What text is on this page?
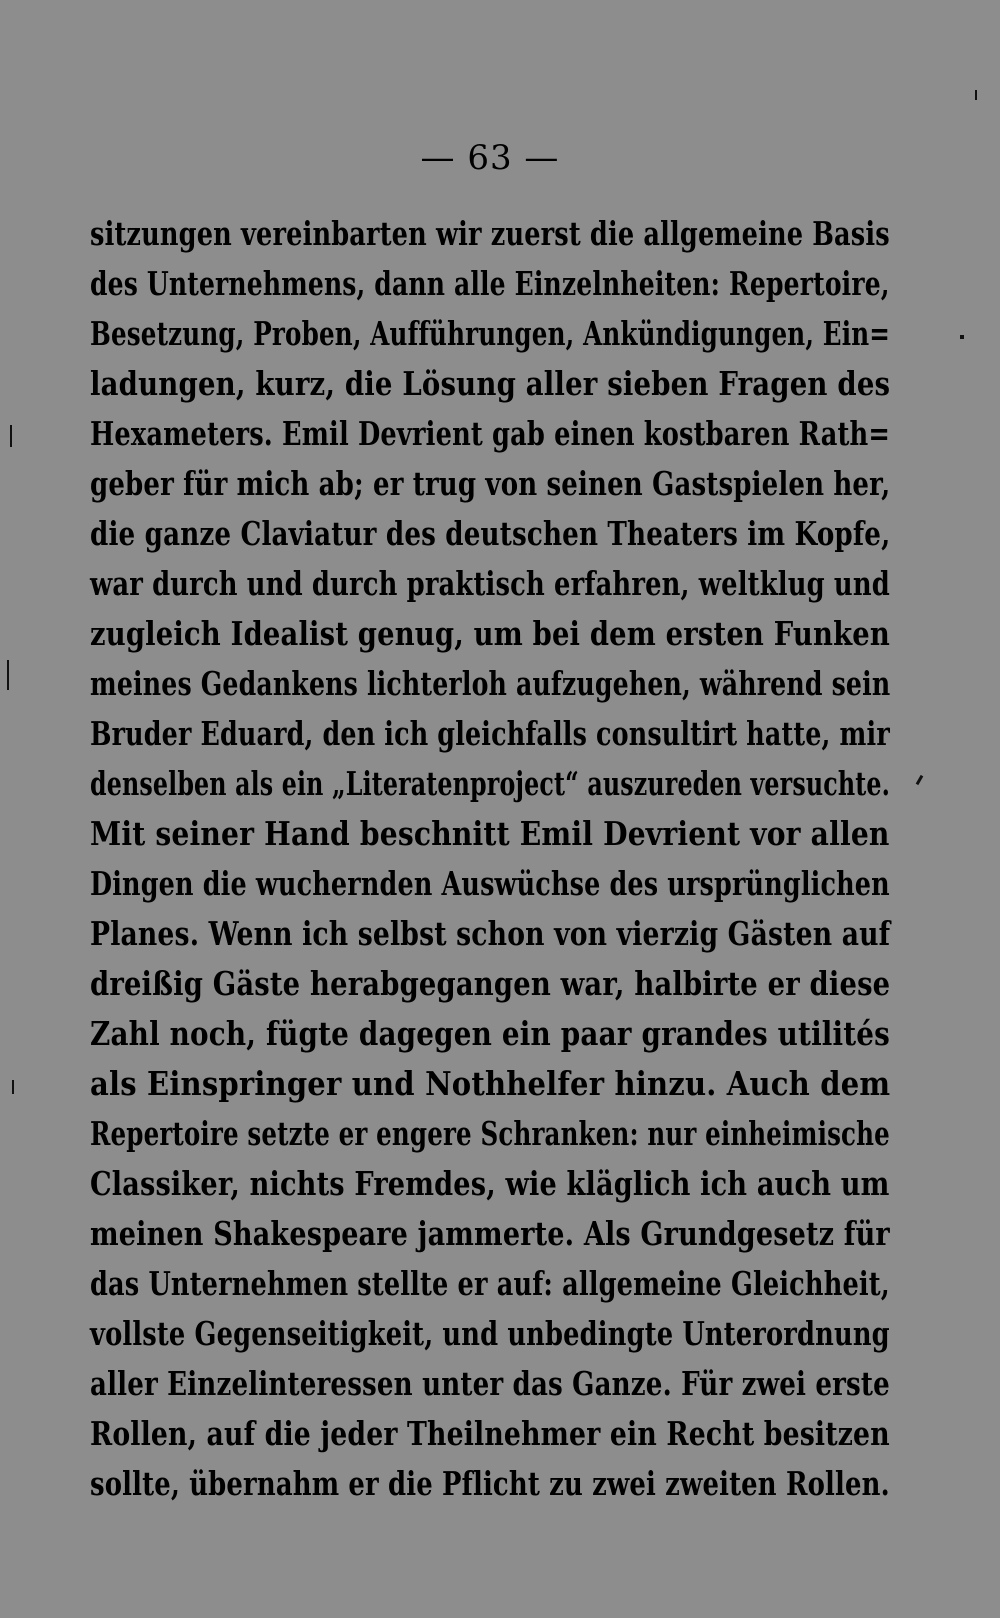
— 63 —
sitzungen vereinbarten wir zuerst die allgemeine Basis
des Unternehmens, dann alle Einzelnheiten: Repertoire,
Besetzung, Proben, Aufführungen, Ankündigungen, Ein=
ladungen, kurz, die Lösung aller sieben Fragen des
Hexameters. Emil Devrient gab einen kostbaren Rath=
geber für mich ab; er trug von seinen Gastspielen her,
die ganze Claviatur des deutschen Theaters im Kopfe,
war durch und durch praktisch erfahren, weltklug und
zugleich Idealist genug, um bei dem ersten Funken
meines Gedankens lichterloh aufzugehen, während sein
Bruder Eduard, den ich gleichfalls consultirt hatte, mir
denselben als ein „Literatenproject“ auszureden versuchte.
Mit seiner Hand beschnitt Emil Devrient vor allen
Dingen die wuchernden Auswüchse des ursprünglichen
Planes. Wenn ich selbst schon von vierzig Gästen auf
dreißig Gäste herabgegangen war, halbirte er diese
Zahl noch, fügte dagegen ein paar grandes utilités
als Einspringer und Nothhelfer hinzu. Auch dem
Repertoire setzte er engere Schranken: nur einheimische
Classiker, nichts Fremdes, wie kläglich ich auch um
meinen Shakespeare jammerte. Als Grundgesetz für
das Unternehmen stellte er auf: allgemeine Gleichheit,
vollste Gegenseitigkeit, und unbedingte Unterordnung
aller Einzelinteressen unter das Ganze. Für zwei erste
Rollen, auf die jeder Theilnehmer ein Recht besitzen
sollte, übernahm er die Pflicht zu zwei zweiten Rollen.
